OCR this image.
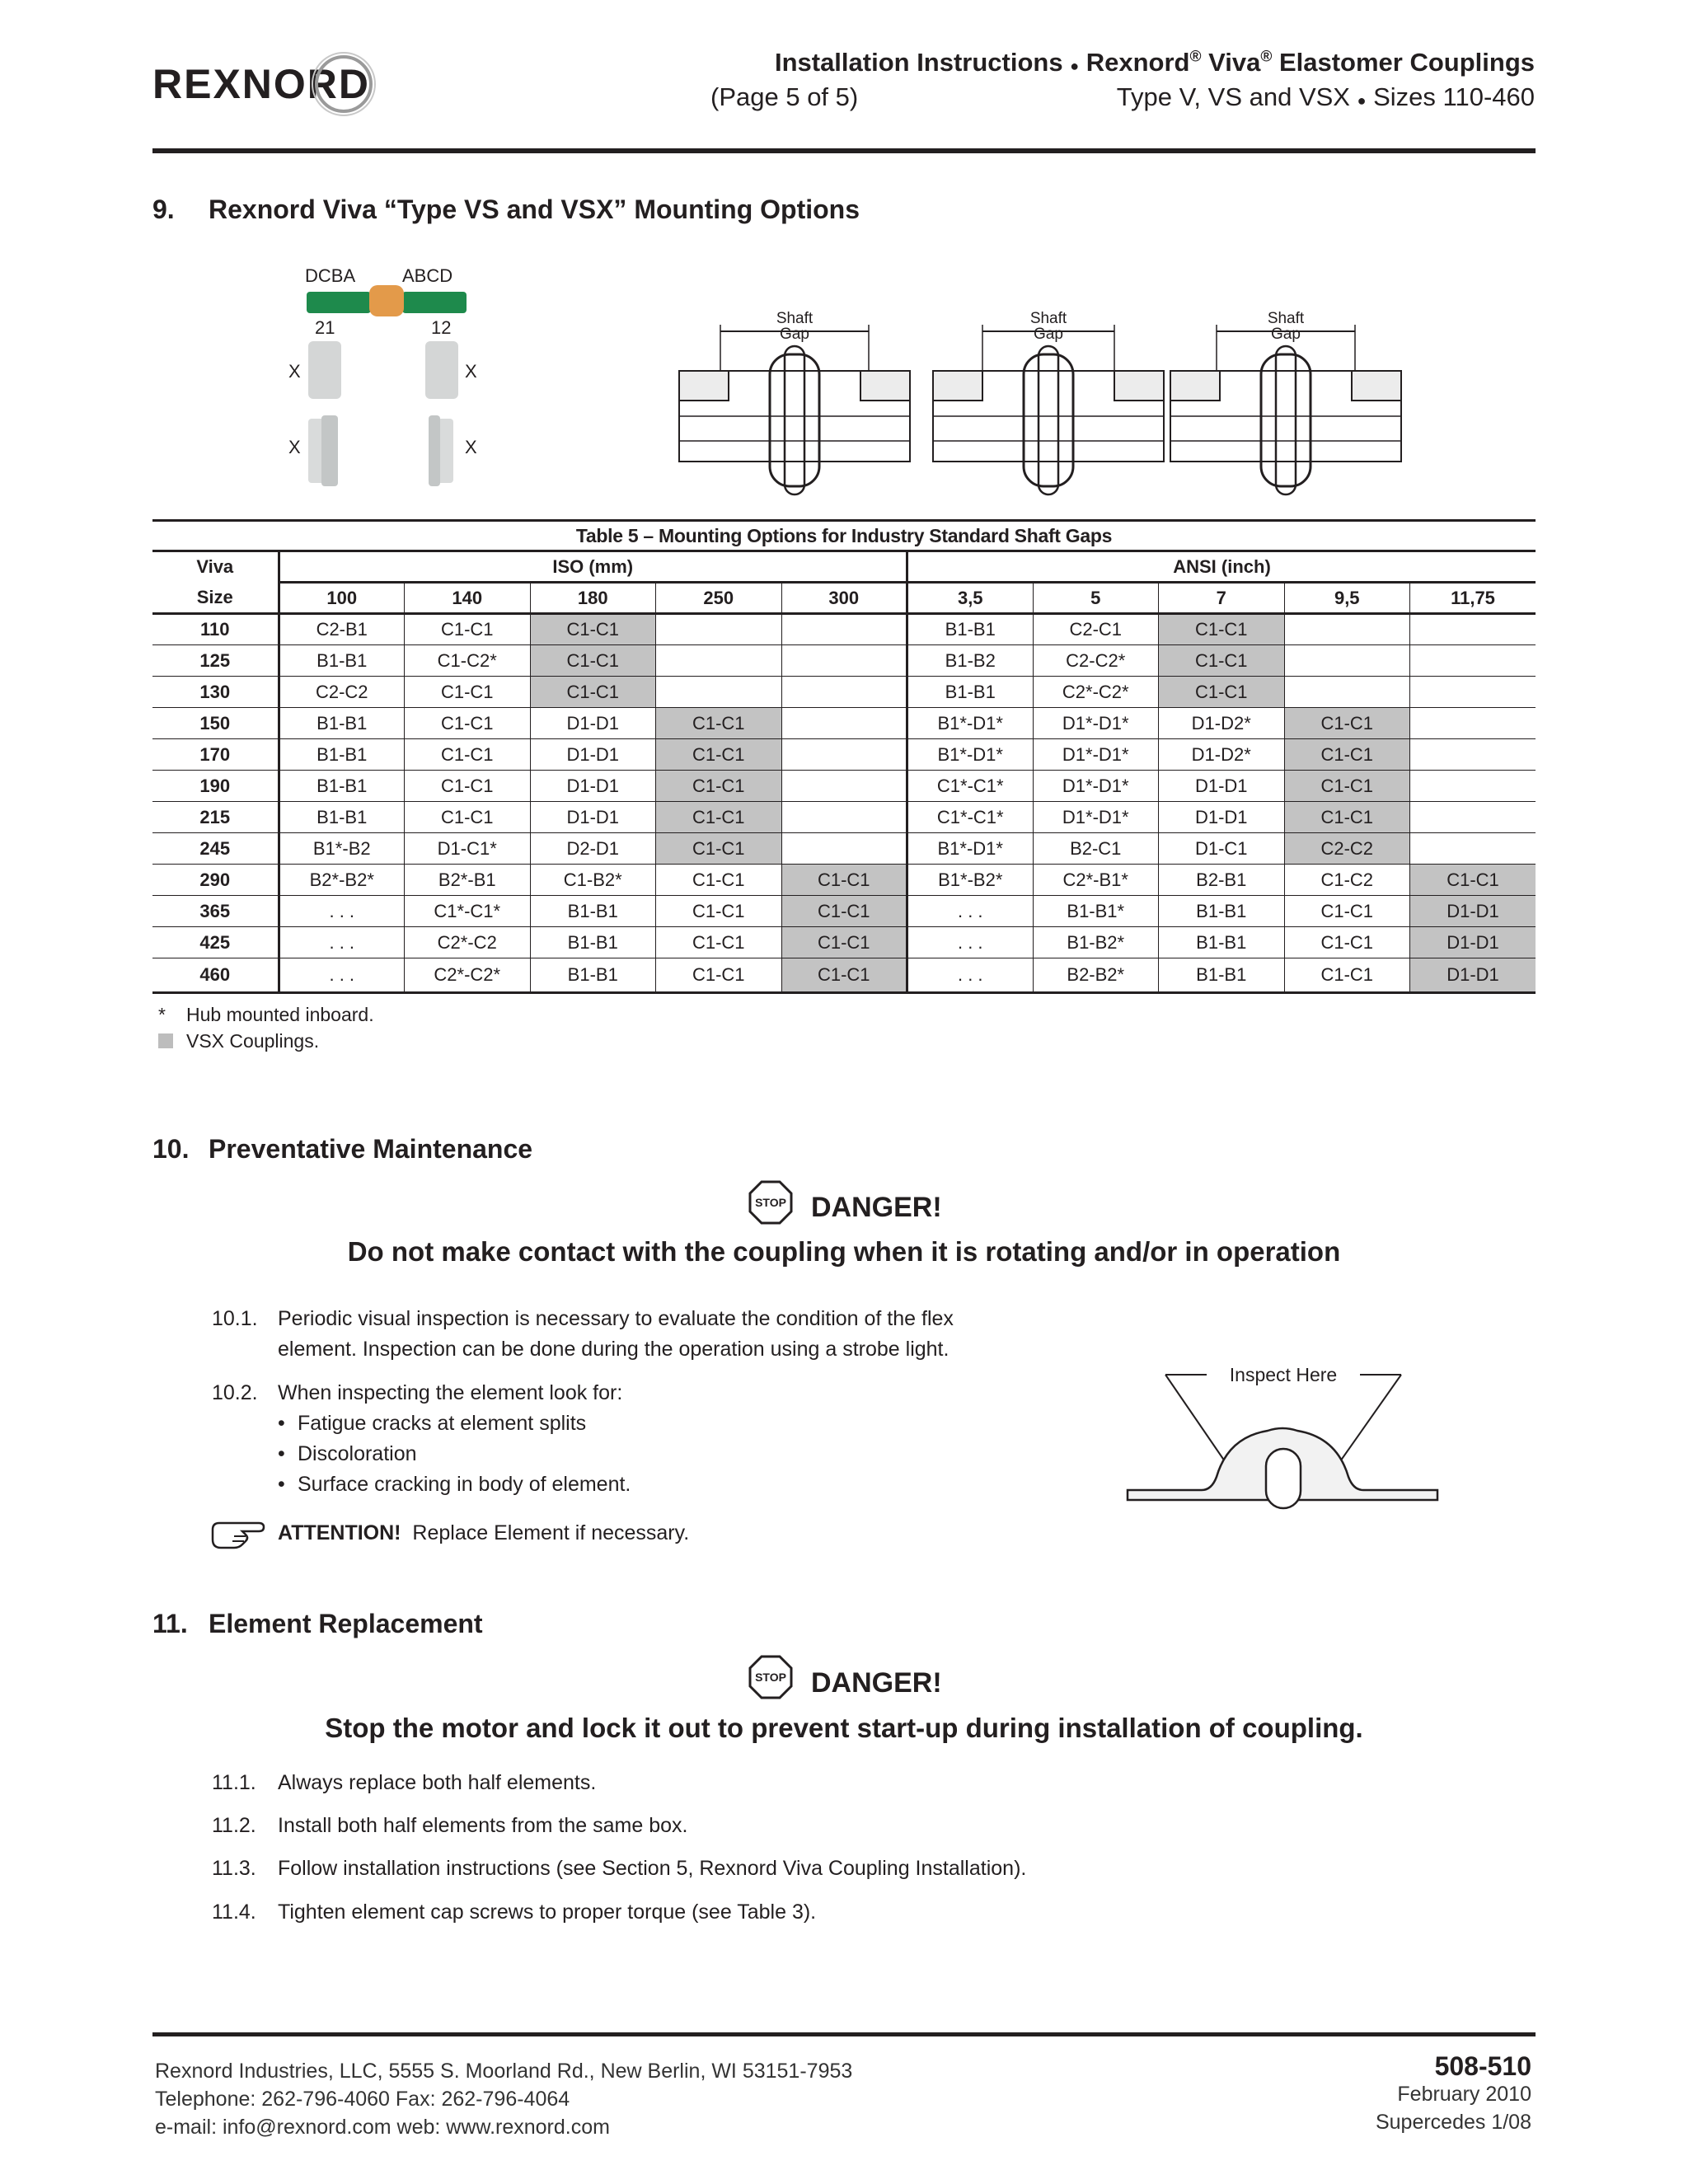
REXNORD	Installation Instructions ● Rexnord® Viva® Elastomer Couplings
(Page 5 of 5)	Type V, VS and VSX ● Sizes 110-460
9. Rexnord Viva “Type VS and VSX” Mounting Options
DCBA	ABCD
21	12
X	X
X	X
Shaft
Gap
Shaft
Gap
Shaft
Gap
Table 5 – Mounting Options for Industry Standard Shaft Gaps
Viva	ISO (mm)					ANSI (inch)				
Size	100	140	180	250	300	3,5	5	7	9,5	11,75
110	C2-B1	C1-C1	C1-C1			B1-B1	C2-C1	C1-C1		
125	B1-B1	C1-C2*	C1-C1			B1-B2	C2-C2*	C1-C1		
130	C2-C2	C1-C1	C1-C1			B1-B1	C2*-C2*	C1-C1		
150	B1-B1	C1-C1	D1-D1	C1-C1		B1*-D1*	D1*-D1*	D1-D2*	C1-C1	
170	B1-B1	C1-C1	D1-D1	C1-C1		B1*-D1*	D1*-D1*	D1-D2*	C1-C1	
190	B1-B1	C1-C1	D1-D1	C1-C1		C1*-C1*	D1*-D1*	D1-D1	C1-C1	
215	B1-B1	C1-C1	D1-D1	C1-C1		C1*-C1*	D1*-D1*	D1-D1	C1-C1	
245	B1*-B2	D1-C1*	D2-D1	C1-C1		B1*-D1*	B2-C1	D1-C1	C2-C2	
290	B2*-B2*	B2*-B1	C1-B2*	C1-C1	C1-C1	B1*-B2*	C2*-B1*	B2-B1	C1-C2	C1-C1
365	. . .	C1*-C1*	B1-B1	C1-C1	C1-C1	. . .	B1-B1*	B1-B1	C1-C1	D1-D1
425	. . .	C2*-C2	B1-B1	C1-C1	C1-C1	. . .	B1-B2*	B1-B1	C1-C1	D1-D1
460	. . .	C2*-C2*	B1-B1	C1-C1	C1-C1	. . .	B2-B2*	B1-B1	C1-C1	D1-D1
* Hub mounted inboard.
VSX Couplings.
10. Preventative Maintenance
STOP DANGER!
Do not make contact with the coupling when it is rotating and/or in operation
10.1. Periodic visual inspection is necessary to evaluate the condition of the flex
element. Inspection can be done during the operation using a strobe light.
10.2. When inspecting the element look for:
• Fatigue cracks at element splits
• Discoloration
• Surface cracking in body of element.
ATTENTION! Replace Element if necessary.
Inspect Here
11. Element Replacement
STOP DANGER!
Stop the motor and lock it out to prevent start-up during installation of coupling.
11.1. Always replace both half elements.
11.2. Install both half elements from the same box.
11.3. Follow installation instructions (see Section 5, Rexnord Viva Coupling Installation).
11.4. Tighten element cap screws to proper torque (see Table 3).
Rexnord Industries, LLC, 5555 S. Moorland Rd., New Berlin, WI 53151-7953
Telephone: 262-796-4060 Fax: 262-796-4064
e-mail: info@rexnord.com web: www.rexnord.com
508-510
February 2010
Supercedes 1/08
